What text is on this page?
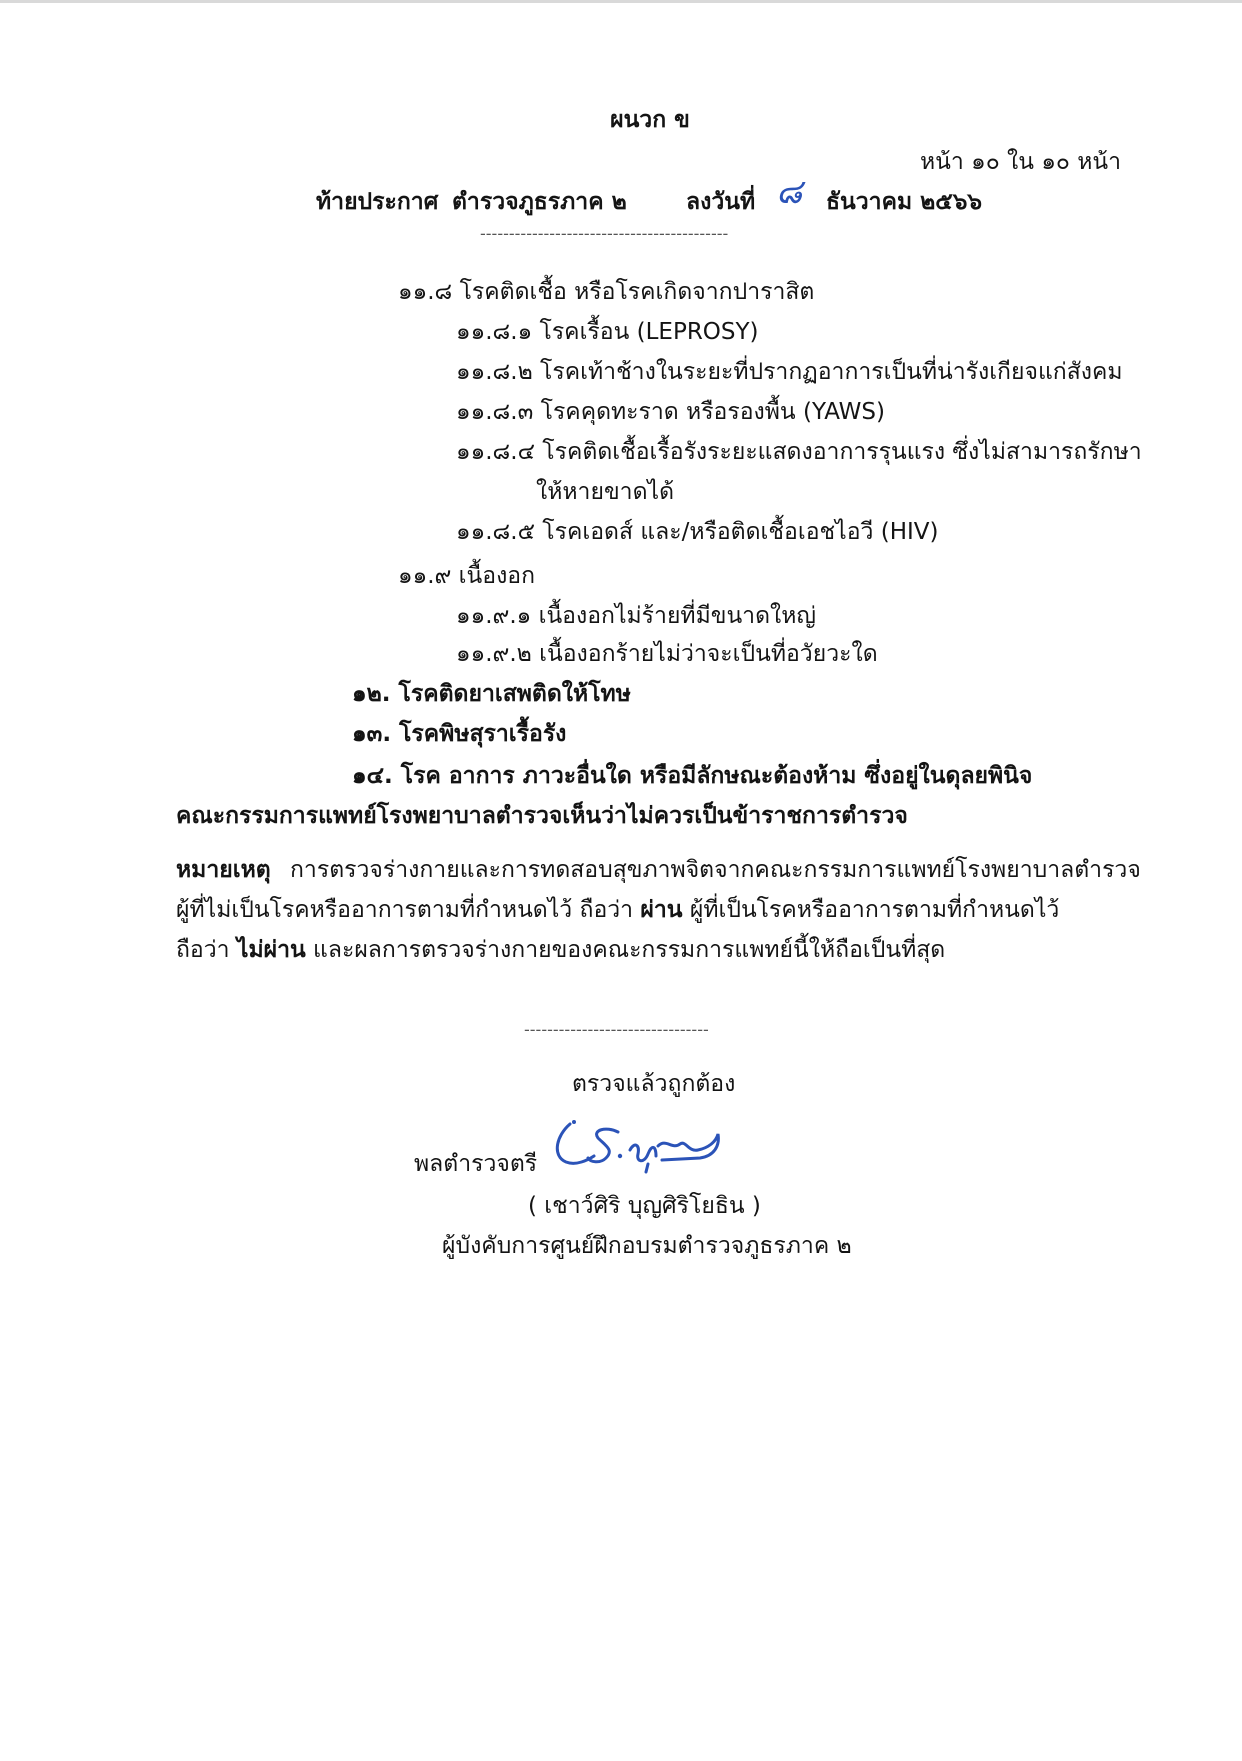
ผนวก ข
หน้า ๑๐ ใน ๑๐ หน้า
ท้ายประกาศ ตำรวจภูธรภาค ๒	ลงวันที่ ๘ ธันวาคม ๒๕๖๖
-------------------------------------------
๑๑.๘ โรคติดเชื้อ หรือโรคเกิดจากปาราสิต
๑๑.๘.๑ โรคเรื้อน (LEPROSY)
๑๑.๘.๒ โรคเท้าช้างในระยะที่ปรากฏอาการเป็นที่น่ารังเกียจแก่สังคม
๑๑.๘.๓ โรคคุดทะราด หรือรองพื้น (YAWS)
๑๑.๘.๔ โรคติดเชื้อเรื้อรังระยะแสดงอาการรุนแรง ซึ่งไม่สามารถรักษา
ให้หายขาดได้
๑๑.๘.๕ โรคเอดส์ และ/หรือติดเชื้อเอชไอวี (HIV)
๑๑.๙ เนื้องอก
๑๑.๙.๑ เนื้องอกไม่ร้ายที่มีขนาดใหญ่
๑๑.๙.๒ เนื้องอกร้ายไม่ว่าจะเป็นที่อวัยวะใด
๑๒. โรคติดยาเสพติดให้โทษ
๑๓. โรคพิษสุราเรื้อรัง
๑๔. โรค อาการ ภาวะอื่นใด หรือมีลักษณะต้องห้าม ซึ่งอยู่ในดุลยพินิจ
คณะกรรมการแพทย์โรงพยาบาลตำรวจเห็นว่าไม่ควรเป็นข้าราชการตำรวจ
หมายเหตุ การตรวจร่างกายและการทดสอบสุขภาพจิตจากคณะกรรมการแพทย์โรงพยาบาลตำรวจ
ผู้ที่ไม่เป็นโรคหรืออาการตามที่กำหนดไว้ ถือว่า ผ่าน ผู้ที่เป็นโรคหรืออาการตามที่กำหนดไว้
ถือว่า ไม่ผ่าน และผลการตรวจร่างกายของคณะกรรมการแพทย์นี้ให้ถือเป็นที่สุด
--------------------------------
ตรวจแล้วถูกต้อง
พลตำรวจตรี
( เชาว์ศิริ บุญศิริโยธิน )
ผู้บังคับการศูนย์ฝึกอบรมตำรวจภูธรภาค ๒
